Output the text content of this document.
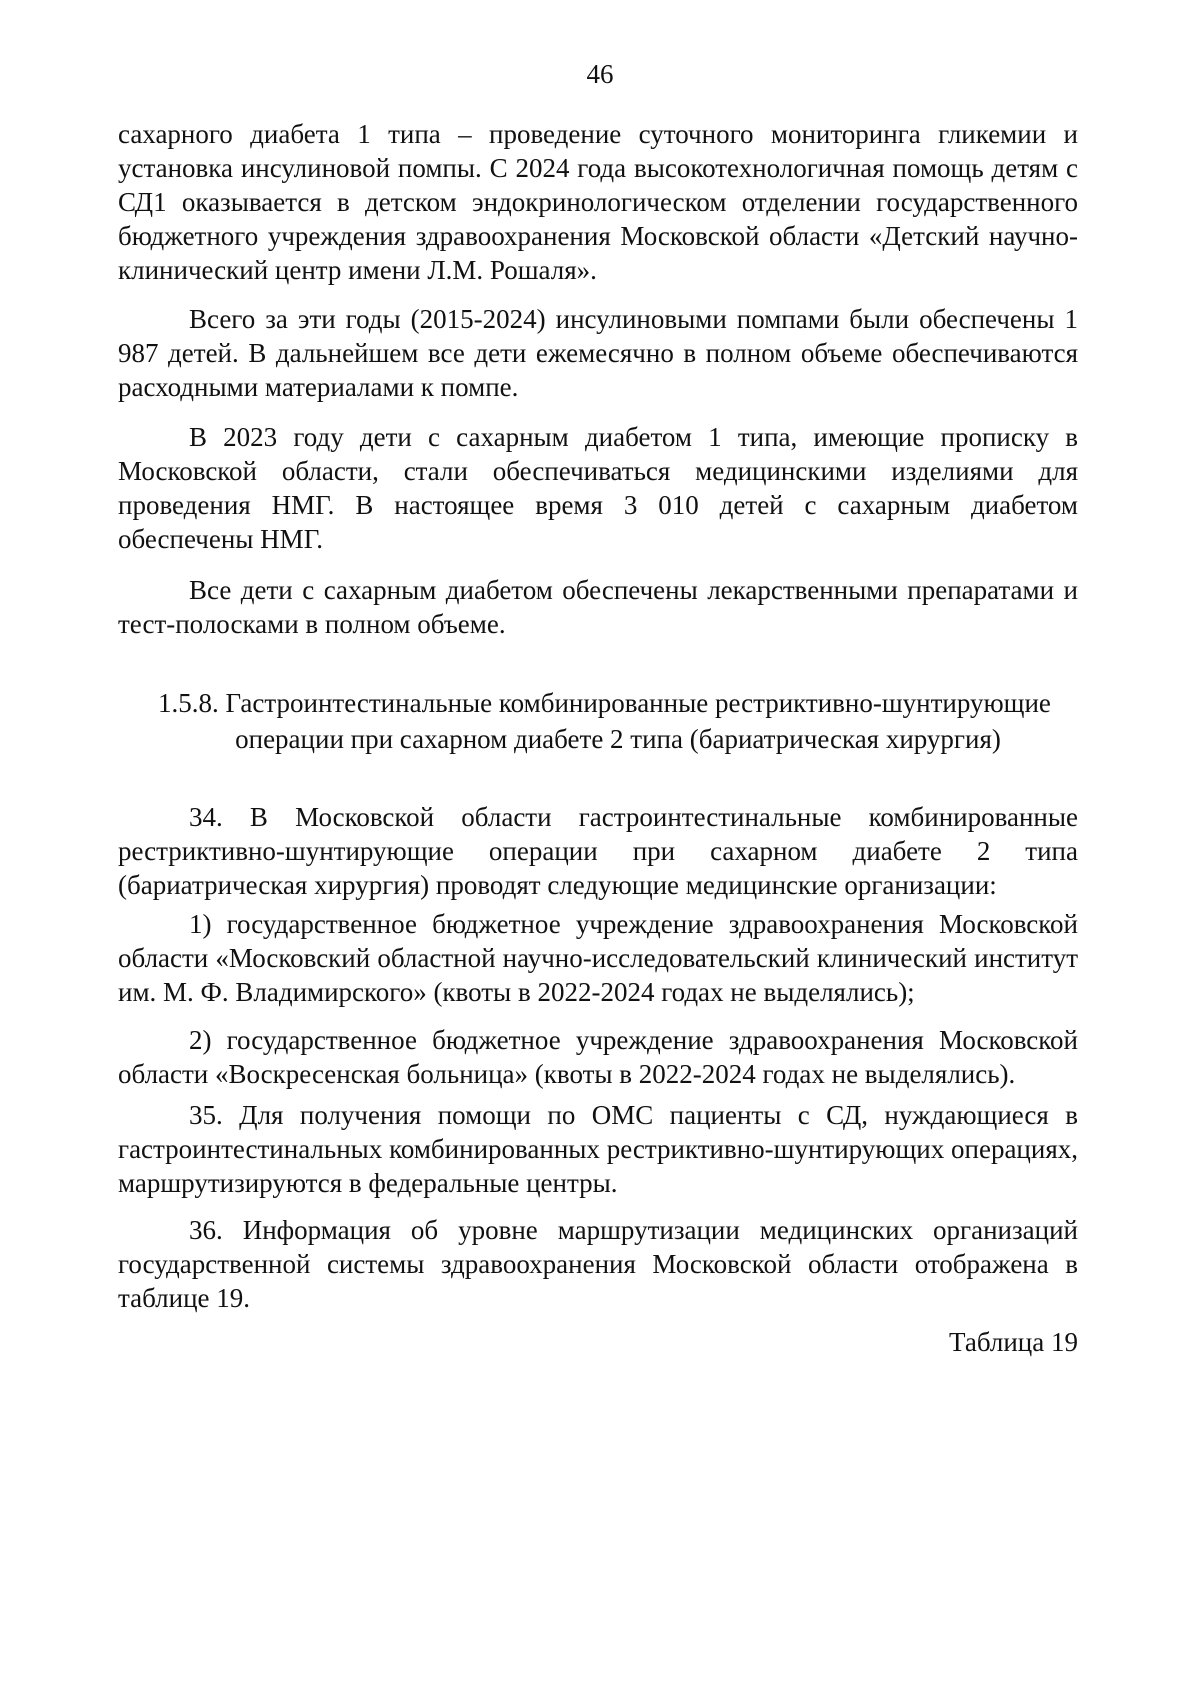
46

сахарного диабета 1 типа – проведение суточного мониторинга гликемии и установка инсулиновой помпы. С 2024 года высокотехнологичная помощь детям с СД1 оказывается в детском эндокринологическом отделении государственного бюджетного учреждения здравоохранения Московской области «Детский научно-клинический центр имени Л.М. Рошаля».

Всего за эти годы (2015-2024) инсулиновыми помпами были обеспечены 1 987 детей. В дальнейшем все дети ежемесячно в полном объеме обеспечиваются расходными материалами к помпе.

В 2023 году дети с сахарным диабетом 1 типа, имеющие прописку в Московской области, стали обеспечиваться медицинскими изделиями для проведения НМГ. В настоящее время 3 010 детей с сахарным диабетом обеспечены НМГ.

Все дети с сахарным диабетом обеспечены лекарственными препаратами и тест-полосками в полном объеме.

1.5.8. Гастроинтестинальные комбинированные рестриктивно-шунтирующие
операции при сахарном диабете 2 типа (бариатрическая хирургия)

34. В Московской области гастроинтестинальные комбинированные рестриктивно-шунтирующие операции при сахарном диабете 2 типа (бариатрическая хирургия) проводят следующие медицинские организации:

1) государственное бюджетное учреждение здравоохранения Московской области «Московский областной научно-исследовательский клинический институт им. М. Ф. Владимирского» (квоты в 2022-2024 годах не выделялись);

2) государственное бюджетное учреждение здравоохранения Московской области «Воскресенская больница» (квоты в 2022-2024 годах не выделялись).

35. Для получения помощи по ОМС пациенты с СД, нуждающиеся в гастроинтестинальных комбинированных рестриктивно-шунтирующих операциях, маршрутизируются в федеральные центры.

36. Информация об уровне маршрутизации медицинских организаций государственной системы здравоохранения Московской области отображена в таблице 19.

Таблица 19
